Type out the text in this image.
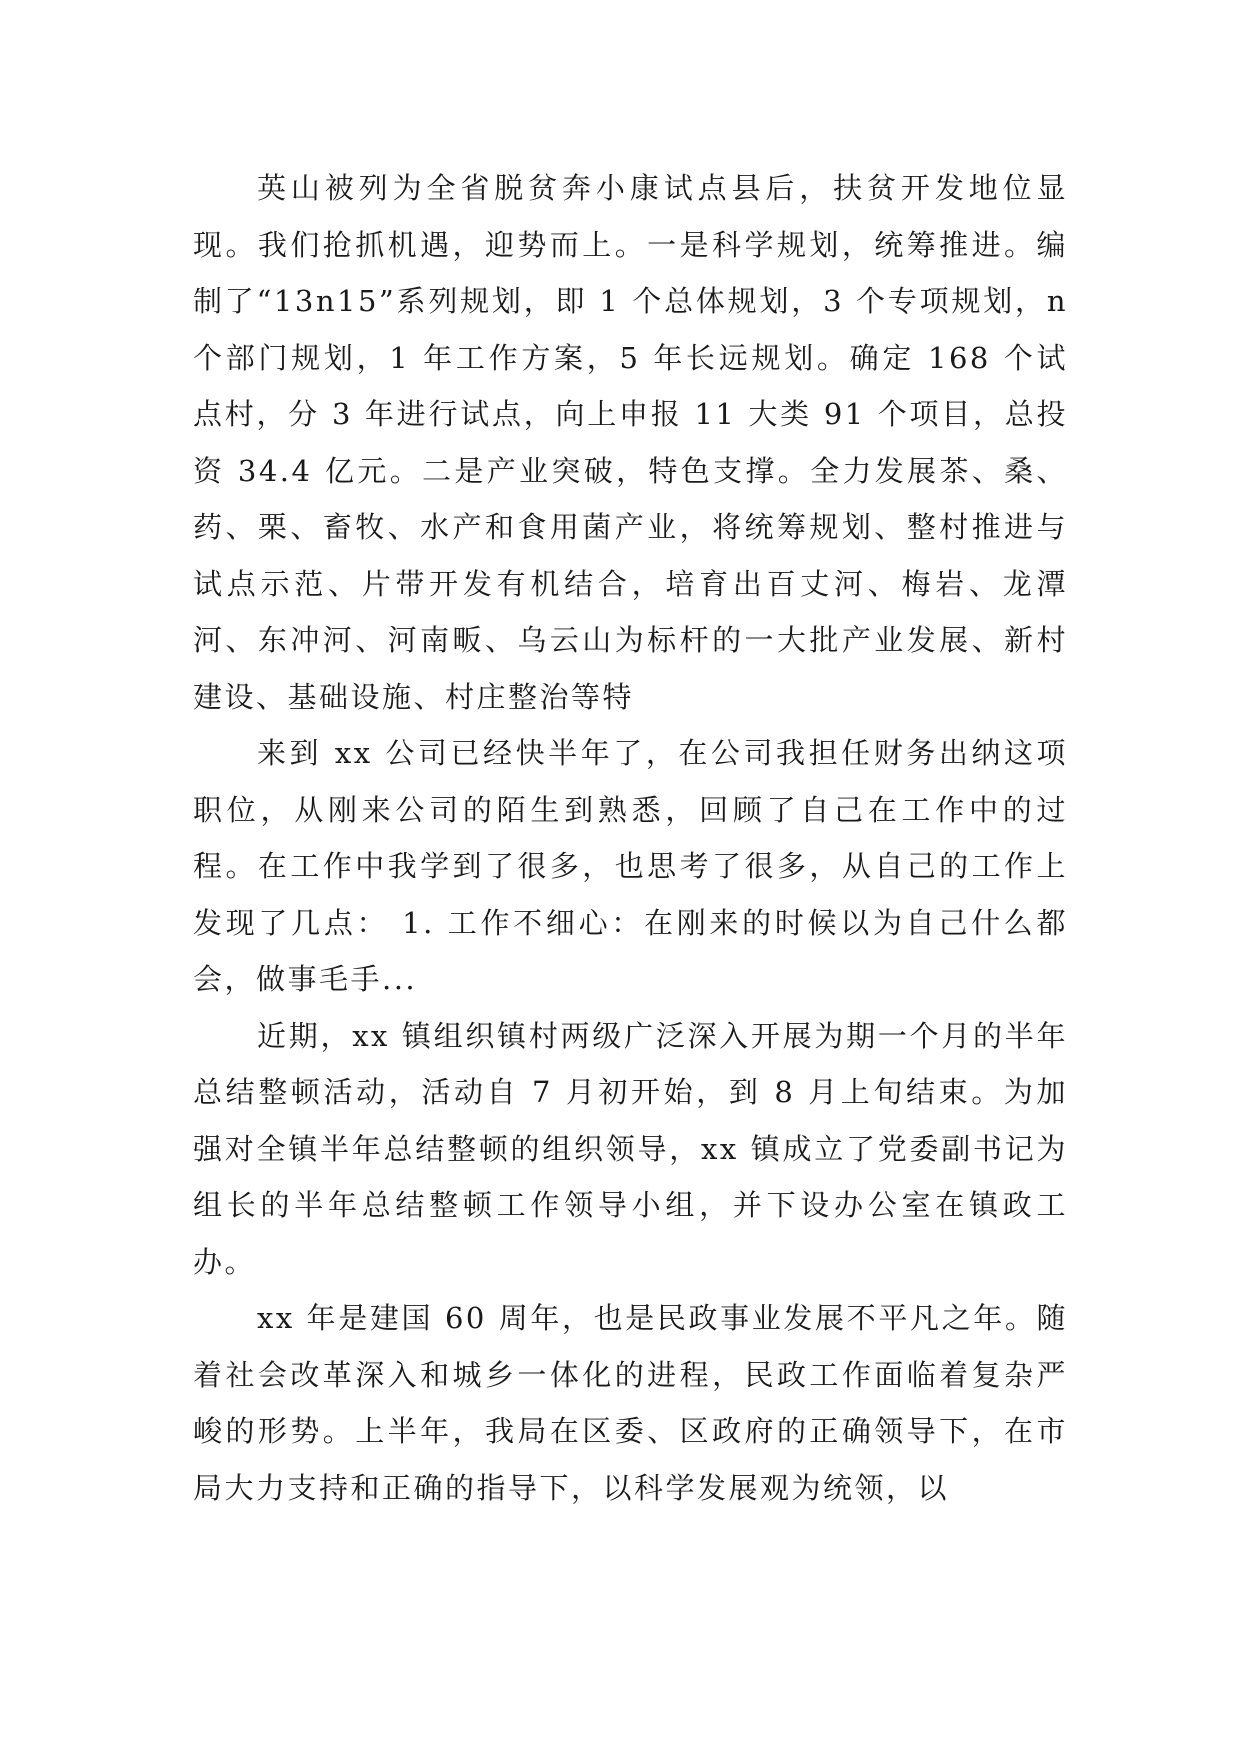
英山被列为全省脱贫奔小康试点县后，扶贫开发地位显现。我们抢抓机遇，迎势而上。一是科学规划，统筹推进。编制了“13n15”系列规划，即 1 个总体规划，3 个专项规划，n 个部门规划，1 年工作方案，5 年长远规划。确定 168 个试点村，分 3 年进行试点，向上申报 11 大类 91 个项目，总投资 34.4 亿元。二是产业突破，特色支撑。全力发展茶、桑、药、栗、畜牧、水产和食用菌产业，将统筹规划、整村推进与试点示范、片带开发有机结合，培育出百丈河、梅岩、龙潭河、东冲河、河南畈、乌云山为标杆的一大批产业发展、新村建设、基础设施、村庄整治等特

来到 xx 公司已经快半年了，在公司我担任财务出纳这项职位，从刚来公司的陌生到熟悉，回顾了自己在工作中的过程。在工作中我学到了很多，也思考了很多，从自己的工作上发现了几点： 1. 工作不细心：在刚来的时候以为自己什么都会，做事毛手...

近期，xx 镇组织镇村两级广泛深入开展为期一个月的半年总结整顿活动，活动自 7 月初开始，到 8 月上旬结束。为加强对全镇半年总结整顿的组织领导，xx 镇成立了党委副书记为组长的半年总结整顿工作领导小组，并下设办公室在镇政工办。

xx 年是建国 60 周年，也是民政事业发展不平凡之年。随着社会改革深入和城乡一体化的进程，民政工作面临着复杂严峻的形势。上半年，我局在区委、区政府的正确领导下，在市局大力支持和正确的指导下，以科学发展观为统领，以
